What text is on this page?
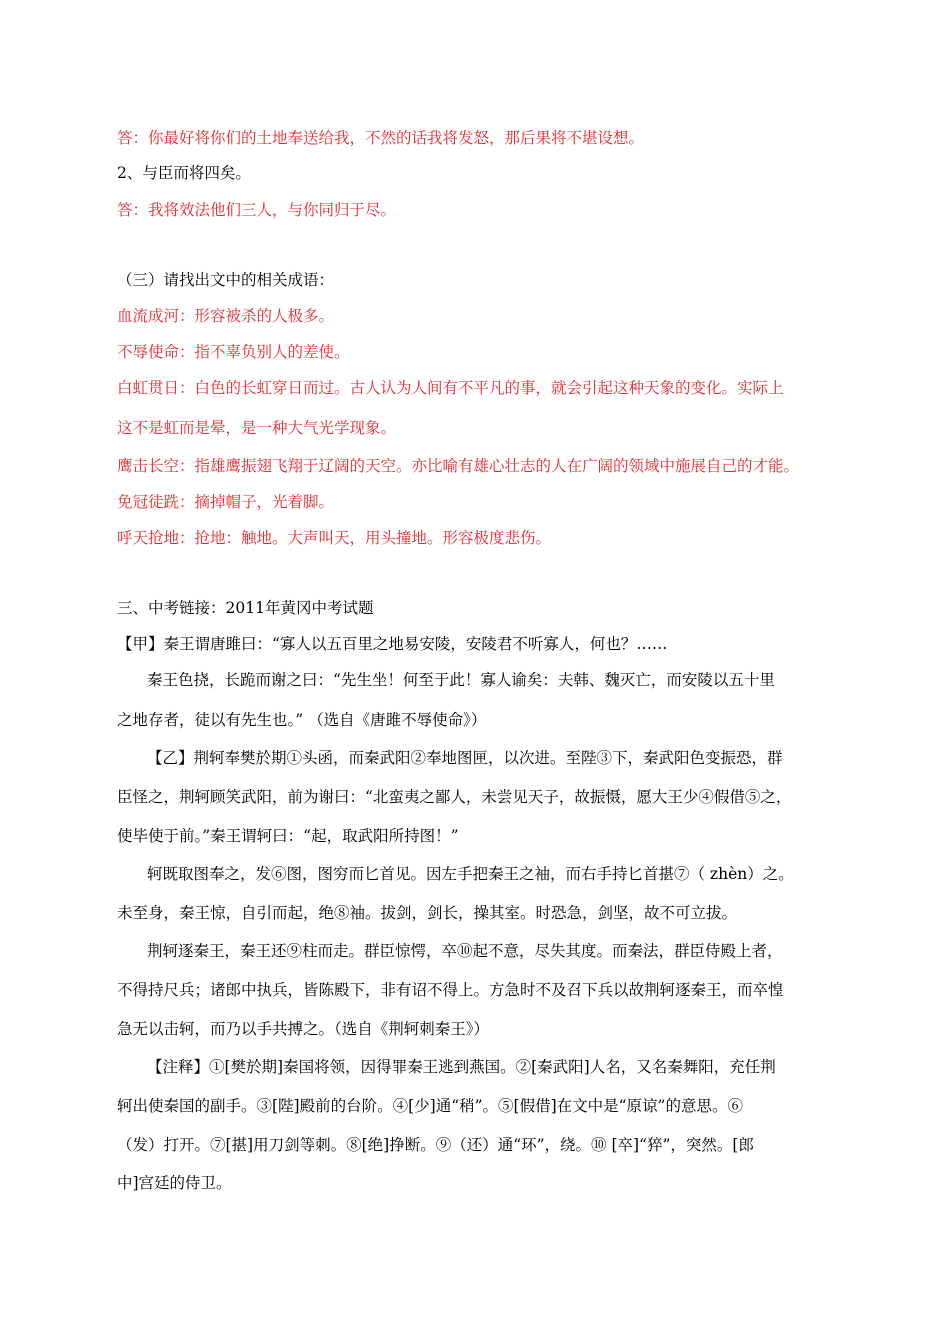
答：你最好将你们的土地奉送给我，不然的话我将发怒，那后果将不堪设想。
2、与臣而将四矣。
答：我将效法他们三人，与你同归于尽。
（三）请找出文中的相关成语：
血流成河：形容被杀的人极多。
不辱使命：指不辜负别人的差使。
白虹贯日：白色的长虹穿日而过。古人认为人间有不平凡的事，就会引起这种天象的变化。实际上
这不是虹而是晕，是一种大气光学现象。
鹰击长空：指雄鹰振翅飞翔于辽阔的天空。亦比喻有雄心壮志的人在广阔的领域中施展自己的才能。
免冠徒跣：摘掉帽子，光着脚。
呼天抢地：抢地：触地。大声叫天，用头撞地。形容极度悲伤。
三、中考链接：2011年黄冈中考试题
【甲】秦王谓唐雎曰：“寡人以五百里之地易安陵，安陵君不听寡人，何也？……
秦王色挠，长跪而谢之曰：“先生坐！何至于此！寡人谕矣：夫韩、魏灭亡，而安陵以五十里
之地存者，徒以有先生也。” （选自《唐雎不辱使命》）
【乙】荆轲奉樊於期①头函，而秦武阳②奉地图匣，以次进。至陛③下，秦武阳色变振恐，群
臣怪之，荆轲顾笑武阳，前为谢曰：“北蛮夷之鄙人，未尝见天子，故振慑，愿大王少④假借⑤之，
使毕使于前。”秦王谓轲曰：“起，取武阳所持图！”
轲既取图奉之，发⑥图，图穷而匕首见。因左手把秦王之袖，而右手持匕首揕⑦（ zhèn）之。
未至身，秦王惊，自引而起，绝⑧袖。拔剑，剑长，操其室。时恐急，剑坚，故不可立拔。
荆轲逐秦王，秦王还⑨柱而走。群臣惊愕，卒⑩起不意，尽失其度。而秦法，群臣侍殿上者，
不得持尺兵；诸郎中执兵，皆陈殿下，非有诏不得上。方急时不及召下兵以故荆轲逐秦王，而卒惶
急无以击轲，而乃以手共搏之。（选自《荆轲刺秦王》）
【注释】①[樊於期]秦国将领，因得罪秦王逃到燕国。②[秦武阳]人名，又名秦舞阳，充任荆
轲出使秦国的副手。③[陛]殿前的台阶。④[少]通“稍”。⑤[假借]在文中是“原谅”的意思。⑥
（发）打开。⑦[揕]用刀剑等刺。⑧[绝]挣断。⑨（还）通“环”，绕。⑩ [卒]“猝”，突然。[郎
中]宫廷的侍卫。
